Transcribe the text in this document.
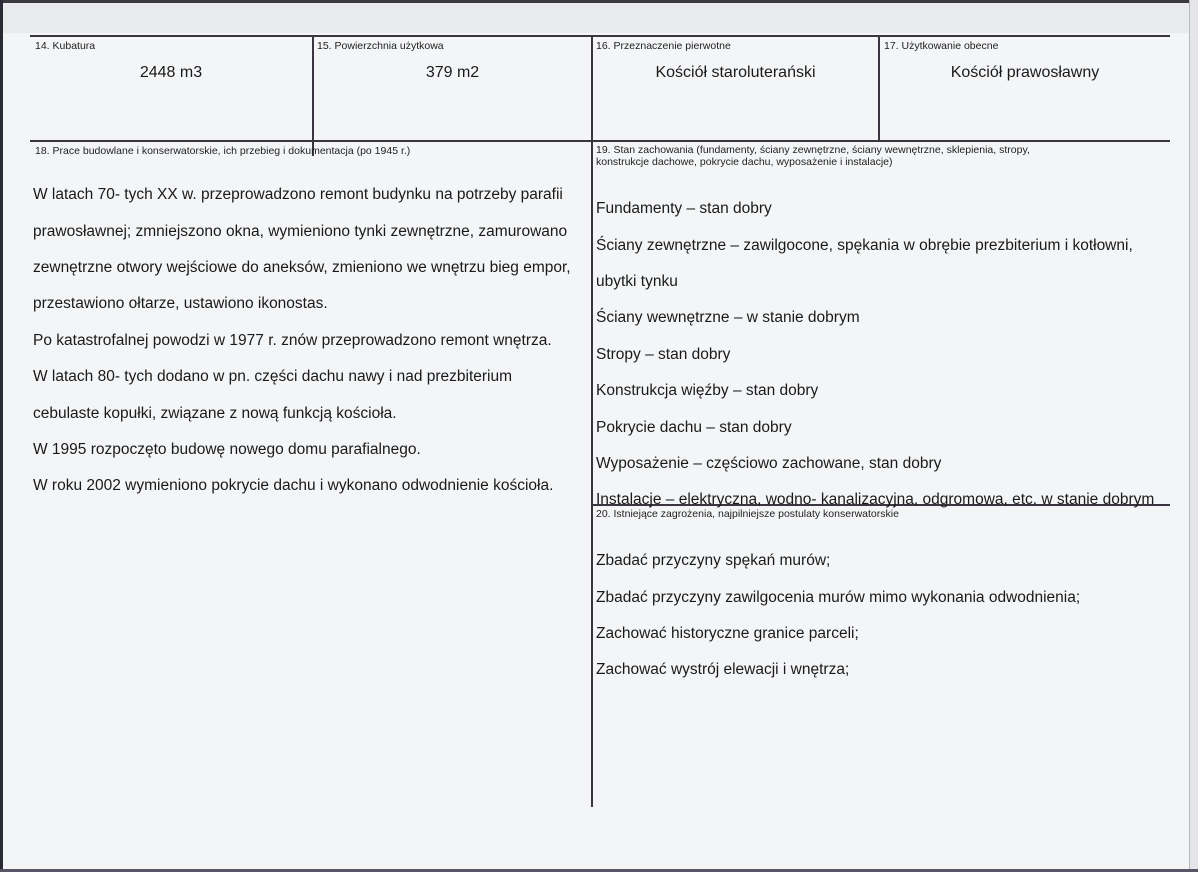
14. Kubatura
2448 m3
15. Powierzchnia użytkowa
379 m2
16. Przeznaczenie pierwotne
Kościół staroluterański
17. Użytkowanie obecne
Kościół prawosławny
18. Prace budowlane i konserwatorskie, ich przebieg i dokumentacja (po 1945 r.)

W latach 70- tych XX w. przeprowadzono remont budynku na potrzeby parafii

prawosławnej; zmniejszono okna, wymieniono tynki zewnętrzne, zamurowano

zewnętrzne otwory wejściowe do aneksów, zmieniono we wnętrzu bieg empor,

przestawiono ołtarze, ustawiono ikonostas.

Po katastrofalnej powodzi w 1977 r. znów przeprowadzono remont wnętrza.

W latach 80- tych dodano w pn. części dachu nawy i nad prezbiterium

cebulaste kopułki, związane z nową funkcją kościoła.

W 1995 rozpoczęto budowę nowego domu parafialnego.

W roku 2002 wymieniono pokrycie dachu i wykonano odwodnienie kościoła.

19. Stan zachowania (fundamenty, ściany zewnętrzne, ściany wewnętrzne, sklepienia, stropy,
konstrukcje dachowe, pokrycie dachu, wyposażenie i instalacje)

Fundamenty – stan dobry

Ściany zewnętrzne – zawilgocone, spękania w obrębie prezbiterium i kotłowni,

ubytki tynku

Ściany wewnętrzne – w stanie dobrym

Stropy – stan dobry

Konstrukcja więźby – stan dobry

Pokrycie dachu – stan dobry

Wyposażenie – częściowo zachowane, stan dobry

Instalacje – elektryczna, wodno- kanalizacyjna, odgromowa, etc. w stanie dobrym

20. Istniejące zagrożenia, najpilniejsze postulaty konserwatorskie

Zbadać przyczyny spękań murów;

Zbadać przyczyny zawilgocenia murów mimo wykonania odwodnienia;

Zachować historyczne granice parceli;

Zachować wystrój elewacji i wnętrza;
